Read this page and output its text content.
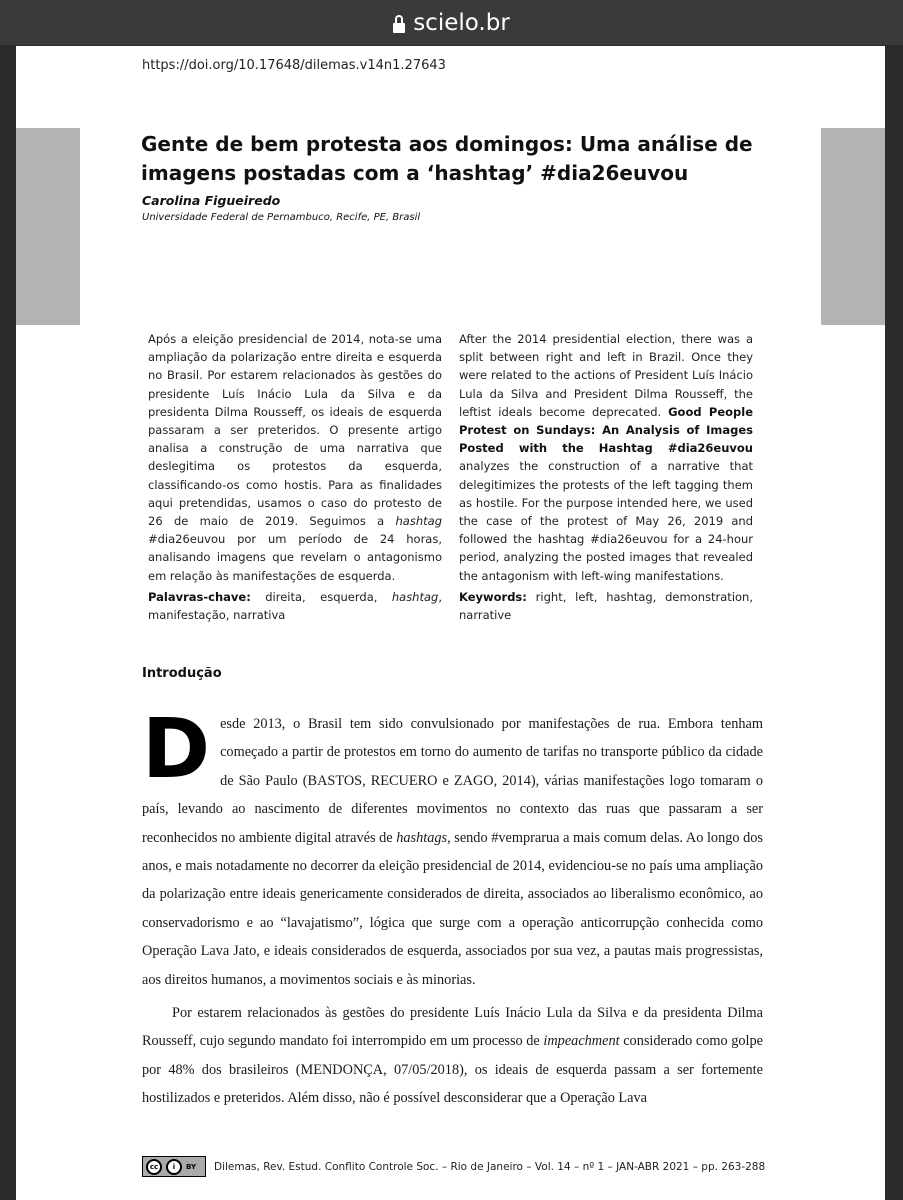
scielo.br
https://doi.org/10.17648/dilemas.v14n1.27643
Gente de bem protesta aos domingos: Uma análise de imagens postadas com a ‘hashtag’ #dia26euvou
Carolina Figueiredo
Universidade Federal de Pernambuco, Recife, PE, Brasil

Após a eleição presidencial de 2014, nota-se uma ampliação da polarização entre direita e esquerda no Brasil. Por estarem relacionados às gestões do presidente Luís Inácio Lula da Silva e da presidenta Dilma Rousseff, os ideais de esquerda passaram a ser preteridos. O presente artigo analisa a construção de uma narrativa que deslegitima os protestos da esquerda, classificando-os como hostis. Para as finalidades aqui pretendidas, usamos o caso do protesto de 26 de maio de 2019. Seguimos a hashtag #dia26euvou por um período de 24 horas, analisando imagens que revelam o antagonismo em relação às manifestações de esquerda.

Palavras-chave: direita, esquerda, hashtag, manifestação, narrativa

After the 2014 presidential election, there was a split between right and left in Brazil. Once they were related to the actions of President Luís Inácio Lula da Silva and President Dilma Rousseff, the leftist ideals become deprecated. Good People Protest on Sundays: An Analysis of Images Posted with the Hashtag #dia26euvou analyzes the construction of a narrative that delegitimizes the protests of the left tagging them as hostile. For the purpose intended here, we used the case of the protest of May 26, 2019 and followed the hashtag #dia26euvou for a 24-hour period, analyzing the posted images that revealed the antagonism with left-wing manifestations.

Keywords: right, left, hashtag, demonstration, narrative

Introdução

Desde 2013, o Brasil tem sido convulsionado por manifestações de rua. Embora tenham começado a partir de protestos em torno do aumento de tarifas no transporte público da cidade de São Paulo (BASTOS, RECUERO e ZAGO, 2014), várias manifestações logo tomaram o país, levando ao nascimento de diferentes movimentos no contexto das ruas que passaram a ser reconhecidos no ambiente digital através de hashtags, sendo #vemprarua a mais comum delas. Ao longo dos anos, e mais notadamente no decorrer da eleição presidencial de 2014, evidenciou-se no país uma ampliação da polarização entre ideais genericamente considerados de direita, associados ao liberalismo econômico, ao conservadorismo e ao “lavajatismo”, lógica que surge com a operação anticorrupção conhecida como Operação Lava Jato, e ideais considerados de esquerda, associados por sua vez, a pautas mais progressistas, aos direitos humanos, a movimentos sociais e às minorias.

Por estarem relacionados às gestões do presidente Luís Inácio Lula da Silva e da presidenta Dilma Rousseff, cujo segundo mandato foi interrompido em um processo de impeachment considerado como golpe por 48% dos brasileiros (MENDONÇA, 07/05/2018), os ideais de esquerda passam a ser fortemente hostilizados e preteridos. Além disso, não é possível desconsiderar que a Operação Lava

cc	i	BY Dilemas, Rev. Estud. Conflito Controle Soc. – Rio de Janeiro – Vol. 14 – nº 1 – JAN-ABR 2021 – pp. 263-288
